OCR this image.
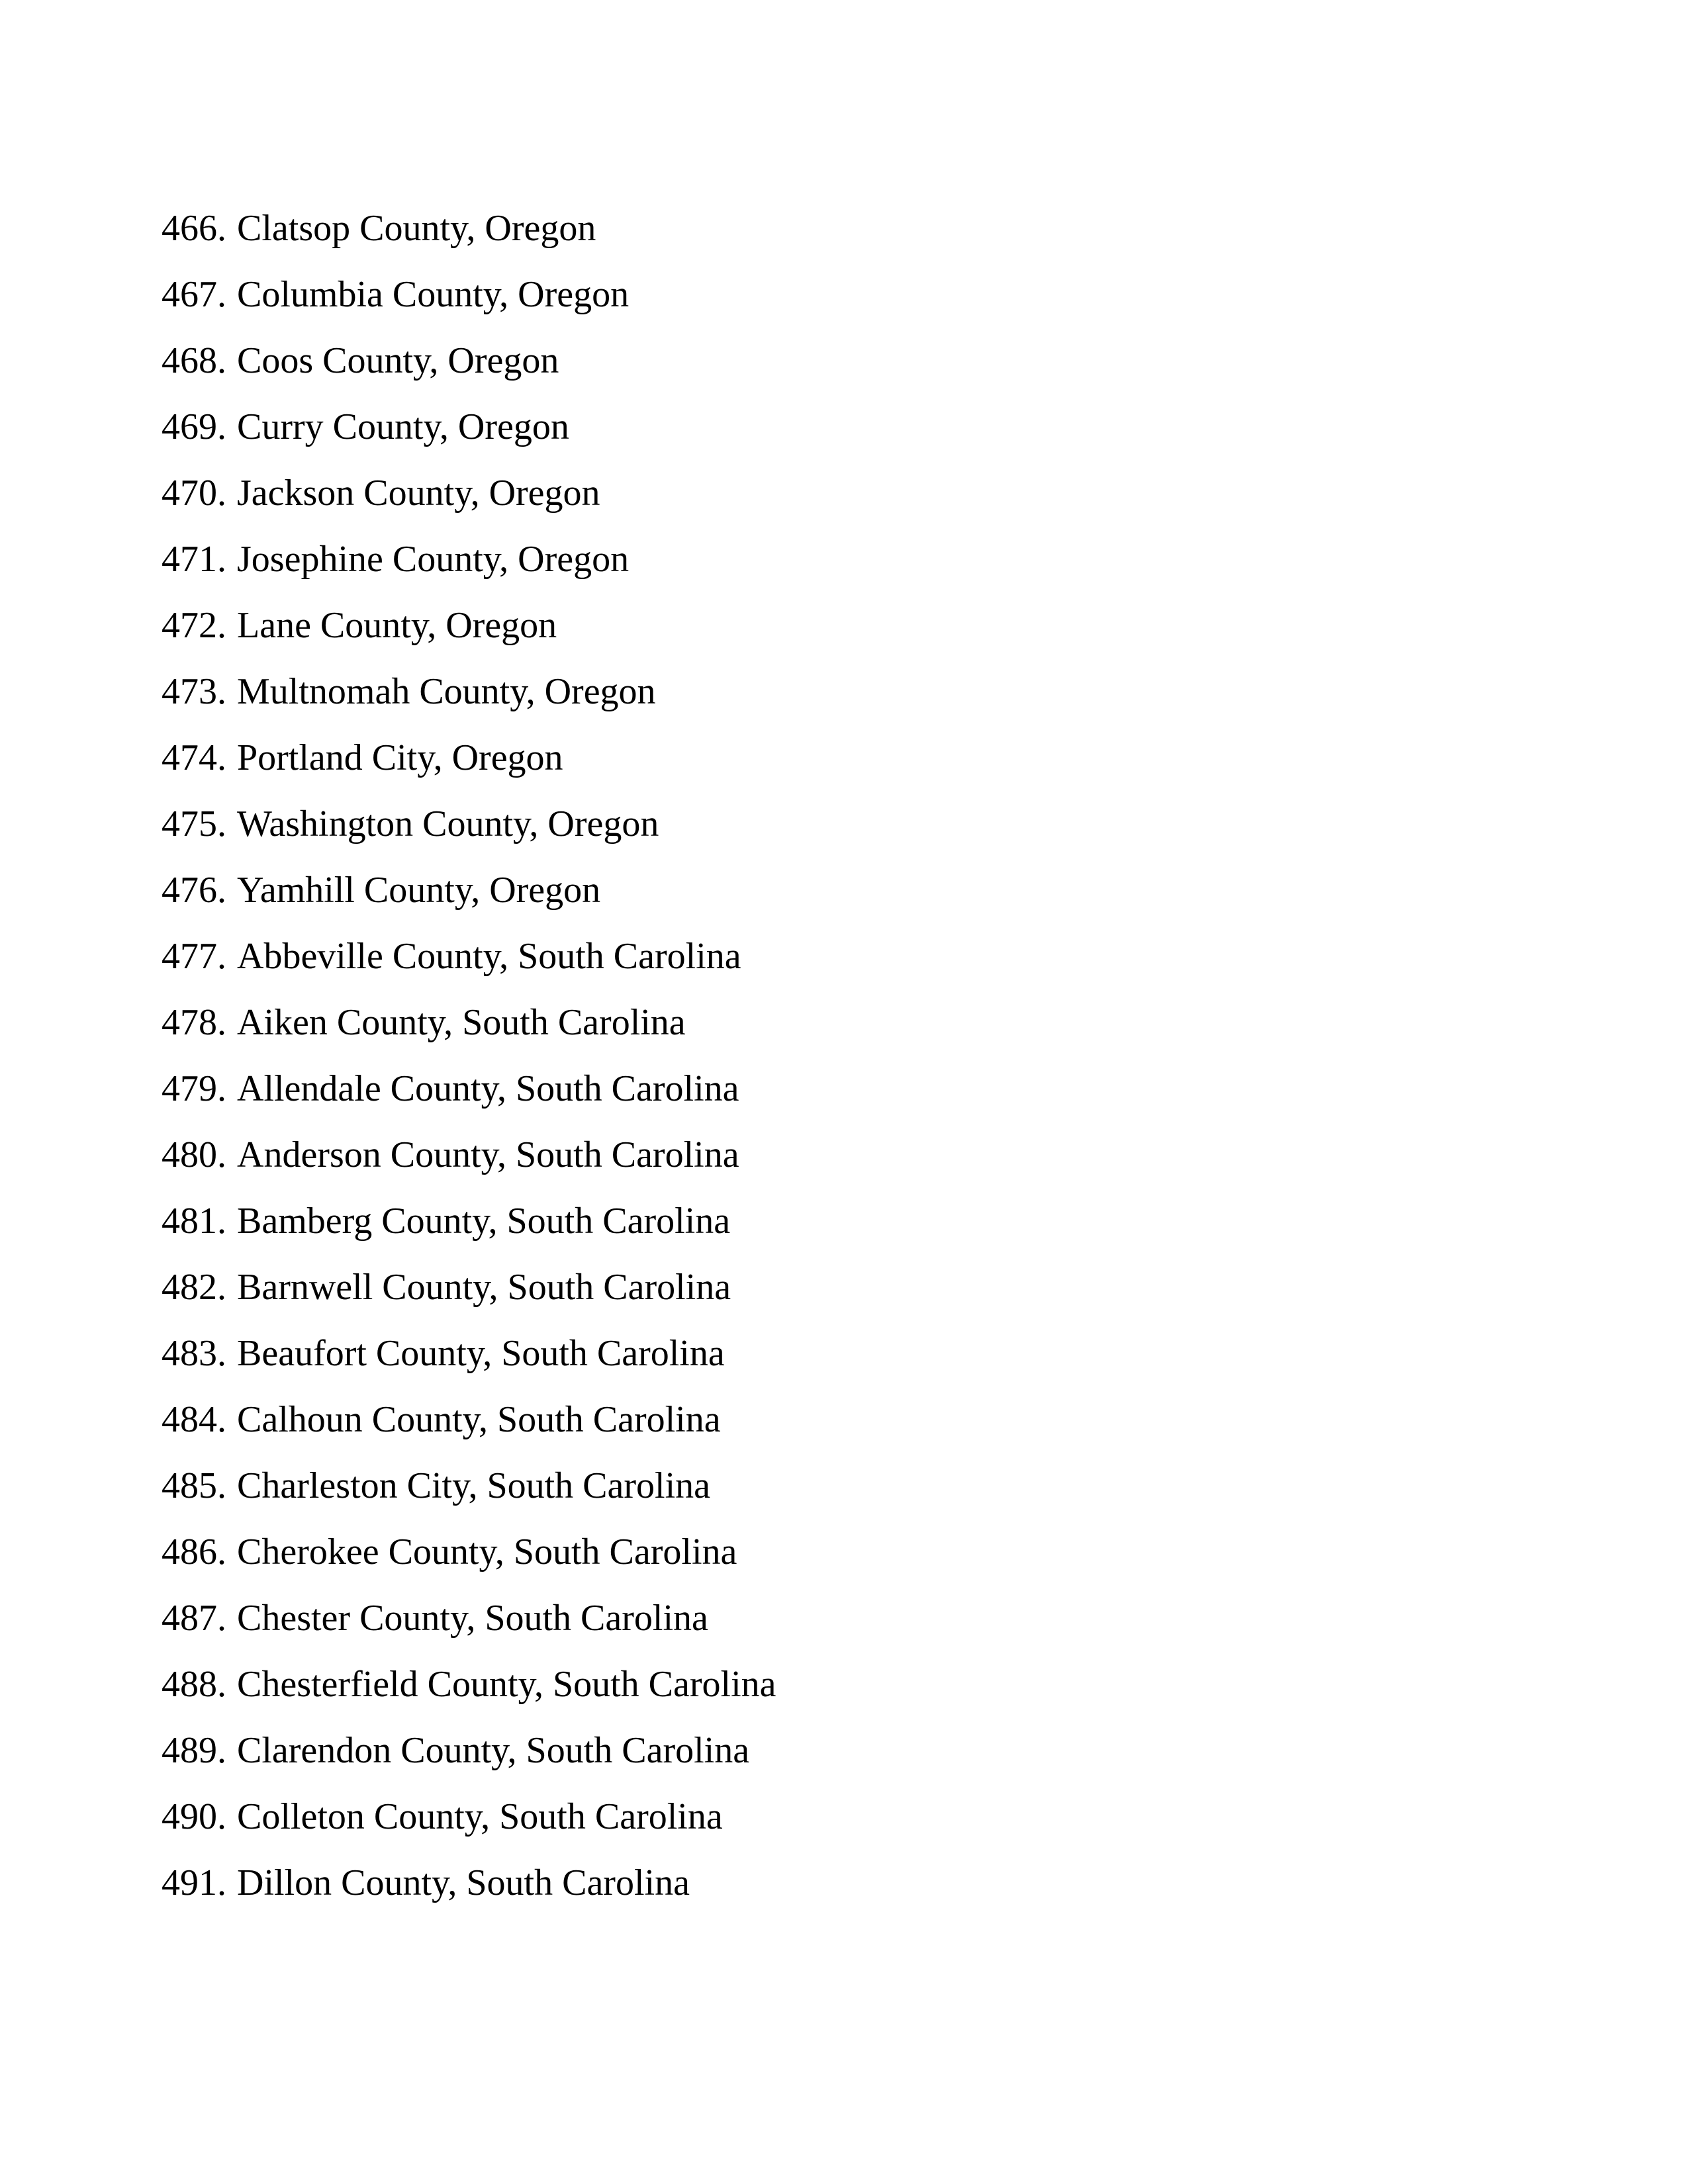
466. Clatsop County, Oregon
467. Columbia County, Oregon
468. Coos County, Oregon
469. Curry County, Oregon
470. Jackson County, Oregon
471. Josephine County, Oregon
472. Lane County, Oregon
473. Multnomah County, Oregon
474. Portland City, Oregon
475. Washington County, Oregon
476. Yamhill County, Oregon
477. Abbeville County, South Carolina
478. Aiken County, South Carolina
479. Allendale County, South Carolina
480. Anderson County, South Carolina
481. Bamberg County, South Carolina
482. Barnwell County, South Carolina
483. Beaufort County, South Carolina
484. Calhoun County, South Carolina
485. Charleston City, South Carolina
486. Cherokee County, South Carolina
487. Chester County, South Carolina
488. Chesterfield County, South Carolina
489. Clarendon County, South Carolina
490. Colleton County, South Carolina
491. Dillon County, South Carolina
